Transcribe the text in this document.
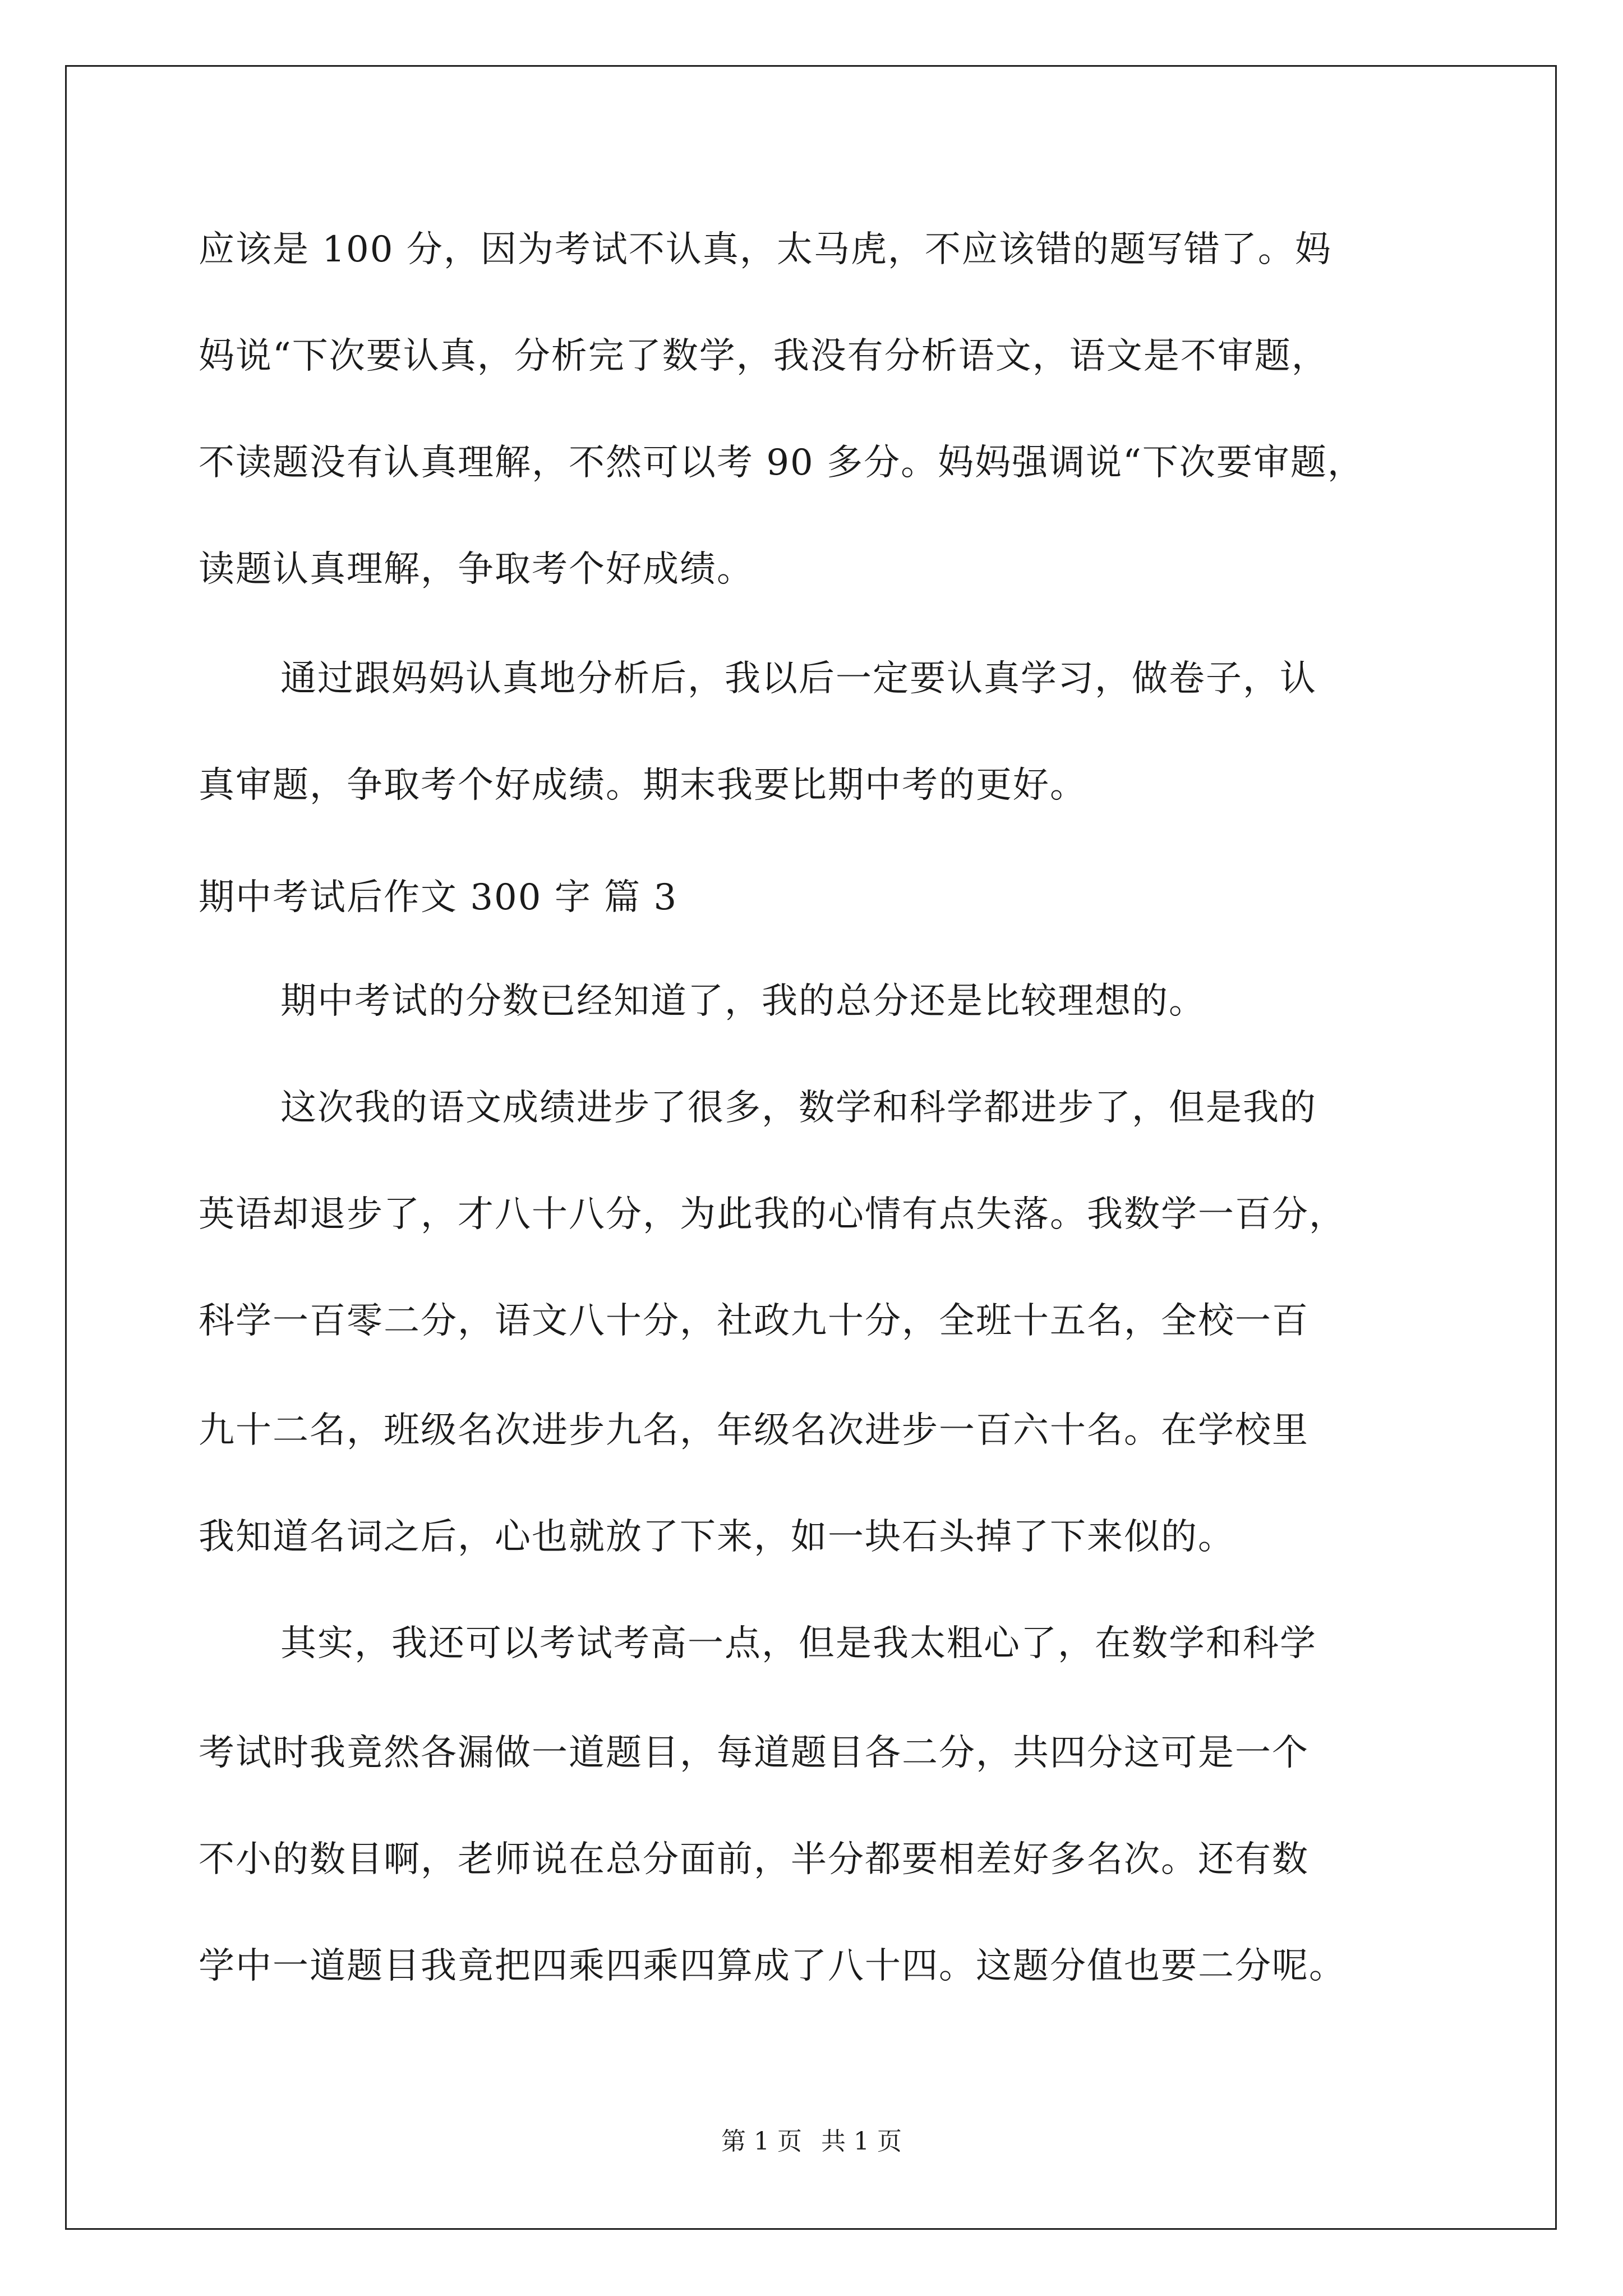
应该是 100 分，因为考试不认真，太马虎，不应该错的题写错了。妈
妈说“下次要认真，分析完了数学，我没有分析语文，语文是不审题，
不读题没有认真理解，不然可以考 90 多分。妈妈强调说“下次要审题，
读题认真理解，争取考个好成绩。
通过跟妈妈认真地分析后，我以后一定要认真学习，做卷子，认
真审题，争取考个好成绩。期末我要比期中考的更好。
期中考试后作文 300 字 篇 3
期中考试的分数已经知道了，我的总分还是比较理想的。
这次我的语文成绩进步了很多，数学和科学都进步了，但是我的
英语却退步了，才八十八分，为此我的心情有点失落。我数学一百分，
科学一百零二分，语文八十分，社政九十分，全班十五名，全校一百
九十二名，班级名次进步九名，年级名次进步一百六十名。在学校里
我知道名词之后，心也就放了下来，如一块石头掉了下来似的。
其实，我还可以考试考高一点，但是我太粗心了，在数学和科学
考试时我竟然各漏做一道题目，每道题目各二分，共四分这可是一个
不小的数目啊，老师说在总分面前，半分都要相差好多名次。还有数
学中一道题目我竟把四乘四乘四算成了八十四。这题分值也要二分呢。
第 1 页 共 1 页
